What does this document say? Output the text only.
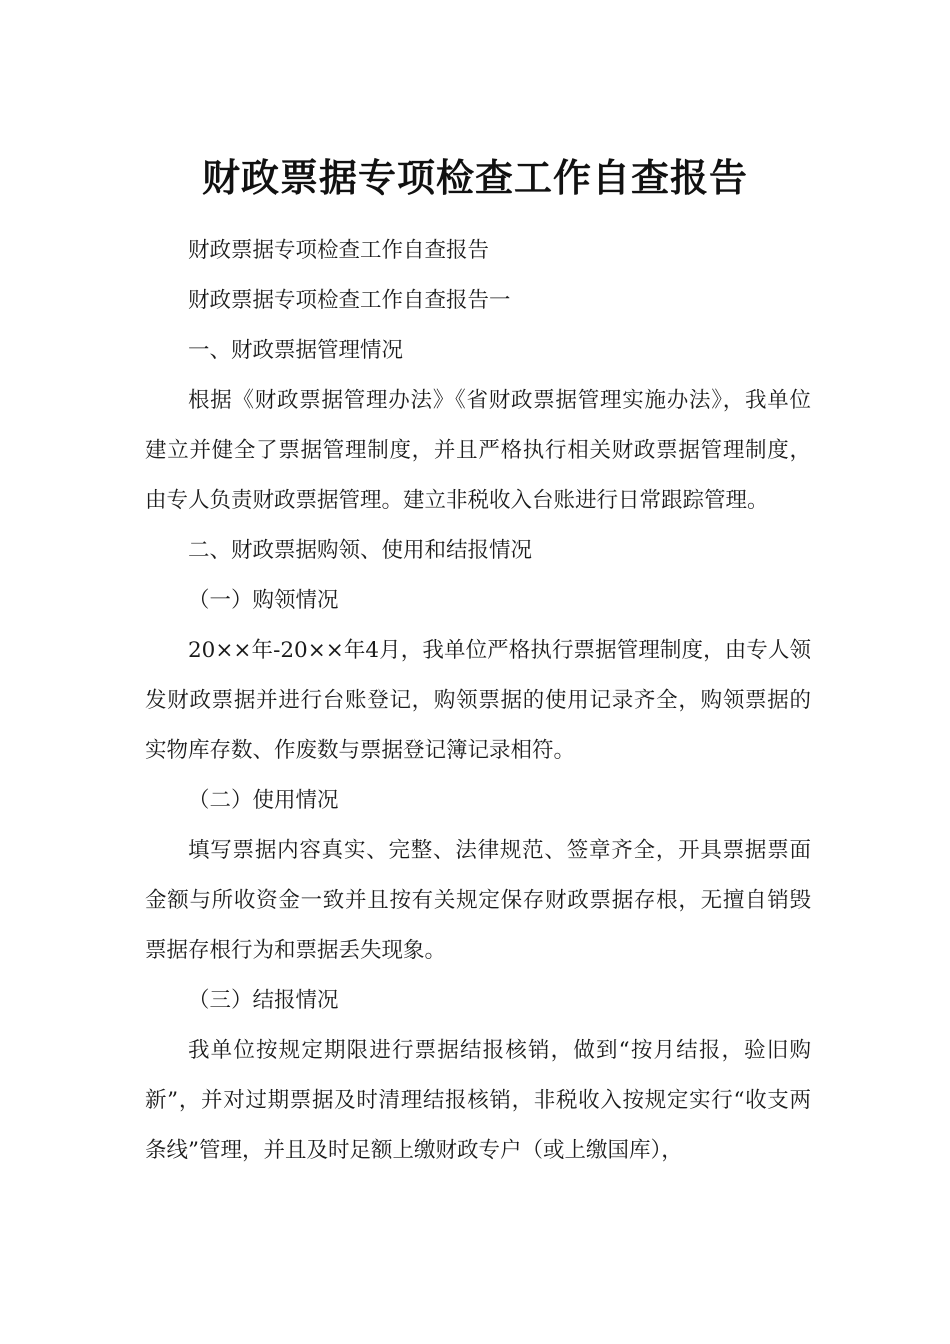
财政票据专项检查工作自查报告

财政票据专项检查工作自查报告

财政票据专项检查工作自查报告一

一、财政票据管理情况

根据《财政票据管理办法》《省财政票据管理实施办法》，我单位建立并健全了票据管理制度，并且严格执行相关财政票据管理制度，由专人负责财政票据管理。建立非税收入台账进行日常跟踪管理。

二、财政票据购领、使用和结报情况

（一）购领情况

20××年-20××年4月，我单位严格执行票据管理制度，由专人领发财政票据并进行台账登记，购领票据的使用记录齐全，购领票据的实物库存数、作废数与票据登记簿记录相符。

（二）使用情况

填写票据内容真实、完整、法律规范、签章齐全，开具票据票面金额与所收资金一致并且按有关规定保存财政票据存根，无擅自销毁票据存根行为和票据丢失现象。

（三）结报情况

我单位按规定期限进行票据结报核销，做到“按月结报，验旧购新”，并对过期票据及时清理结报核销，非税收入按规定实行“收支两条线”管理，并且及时足额上缴财政专户（或上缴国库），
